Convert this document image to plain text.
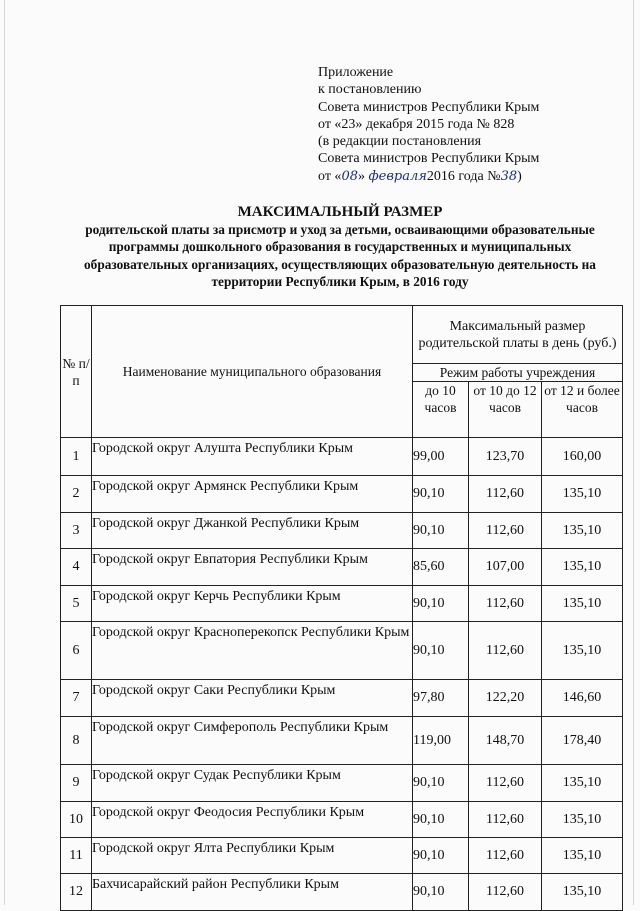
Приложение
к постановлению
Совета министров Республики Крым
от «23» декабря 2015 года № 828
(в редакции постановления
Совета министров Республики Крым
от «08» февраля2016 года №38)
МАКСИМАЛЬНЫЙ РАЗМЕР
родительской платы за присмотр и уход за детьми, осваивающими образовательные программы дошкольного образования в государственных и муниципальных образовательных организациях, осуществляющих образовательную деятельность на территории Республики Крым, в 2016 году
№ п/п	Наименование муниципального образования	Максимальный размер родительской платы в день (руб.)		
		Режим работы учреждения		
		до 10 часов	от 10 до 12 часов	от 12 и более часов
1	Городской округ Алушта Республики Крым	99,00	123,70	160,00
2	Городской округ Армянск Республики Крым	90,10	112,60	135,10
3	Городской округ Джанкой Республики Крым	90,10	112,60	135,10
4	Городской округ Евпатория Республики Крым	85,60	107,00	135,10
5	Городской округ Керчь Республики Крым	90,10	112,60	135,10
6	Городской округ Красноперекопск Республики Крым	90,10	112,60	135,10
7	Городской округ Саки Республики Крым	97,80	122,20	146,60
8	Городской округ Симферополь Республики Крым	119,00	148,70	178,40
9	Городской округ Судак Республики Крым	90,10	112,60	135,10
10	Городской округ Феодосия Республики Крым	90,10	112,60	135,10
11	Городской округ Ялта Республики Крым	90,10	112,60	135,10
12	Бахчисарайский район Республики Крым	90,10	112,60	135,10
